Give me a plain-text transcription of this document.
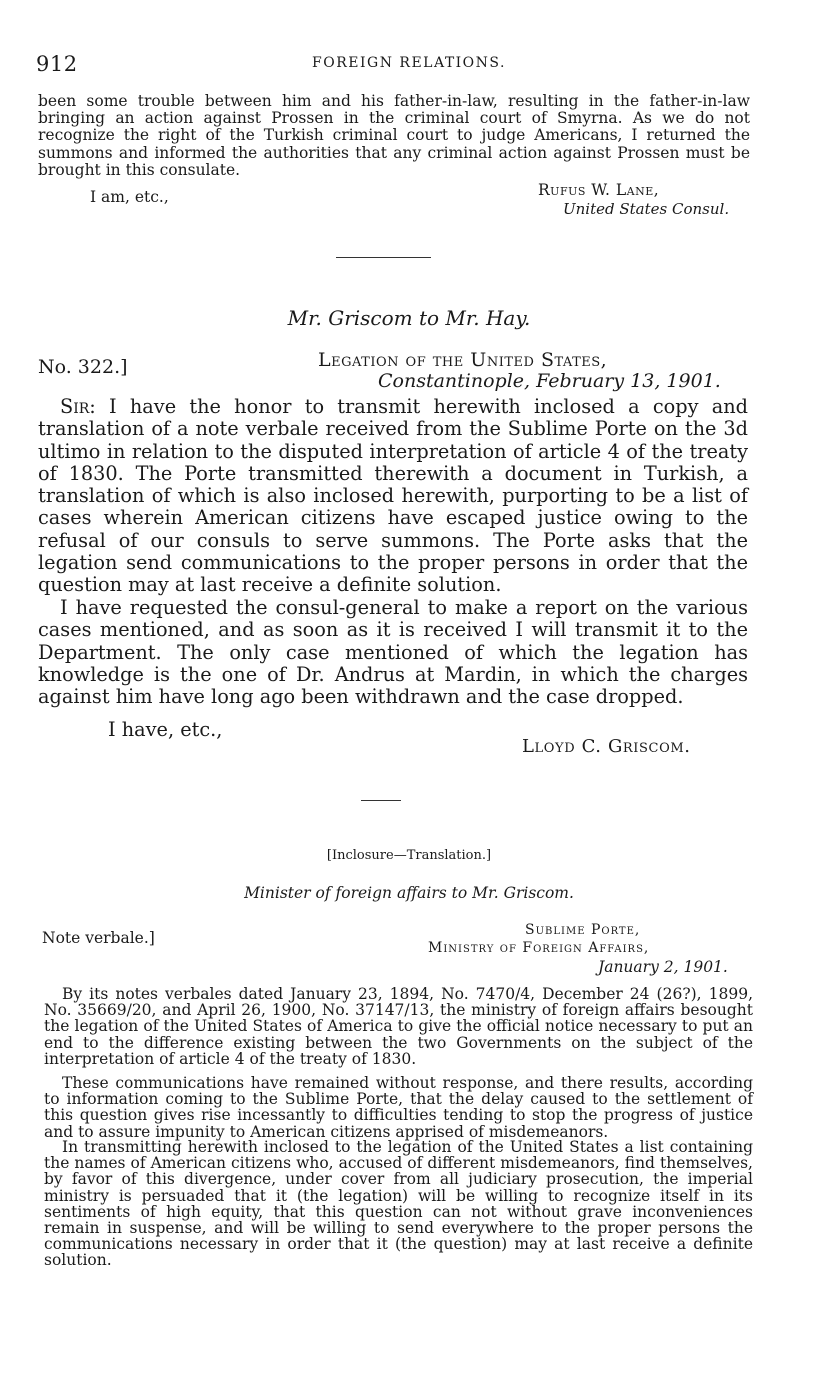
912	FOREIGN RELATIONS.
been some trouble between him and his father-in-law, resulting in the father-in-law bringing an action against Prossen in the criminal court of Smyrna. As we do not recognize the right of the Turkish criminal court to judge Americans, I returned the summons and informed the authorities that any criminal action against Prossen must be brought in this consulate.
I am, etc.,	Rufus W. Lane,
United States Consul.
Mr. Griscom to Mr. Hay.
No. 322.]	Legation of the United States,
Constantinople, February 13, 1901.
Sir: I have the honor to transmit herewith inclosed a copy and translation of a note verbale received from the Sublime Porte on the 3d ultimo in relation to the disputed interpretation of article 4 of the treaty of 1830. The Porte transmitted therewith a document in Turkish, a translation of which is also inclosed herewith, purporting to be a list of cases wherein American citizens have escaped justice owing to the refusal of our consuls to serve summons. The Porte asks that the legation send communications to the proper persons in order that the question may at last receive a definite solution.
I have requested the consul-general to make a report on the various cases mentioned, and as soon as it is received I will transmit it to the Department. The only case mentioned of which the legation has knowledge is the one of Dr. Andrus at Mardin, in which the charges against him have long ago been withdrawn and the case dropped.
I have, etc.,
Lloyd C. Griscom.
[Inclosure—Translation.]
Minister of foreign affairs to Mr. Griscom.
Note verbale.]	Sublime Porte,
Ministry of Foreign Affairs,
January 2, 1901.
By its notes verbales dated January 23, 1894, No. 7470/4, December 24 (26?), 1899, No. 35669/20, and April 26, 1900, No. 37147/13, the ministry of foreign affairs besought the legation of the United States of America to give the official notice necessary to put an end to the difference existing between the two Governments on the subject of the interpretation of article 4 of the treaty of 1830.
These communications have remained without response, and there results, according to information coming to the Sublime Porte, that the delay caused to the settlement of this question gives rise incessantly to difficulties tending to stop the progress of justice and to assure impunity to American citizens apprised of misdemeanors.
In transmitting herewith inclosed to the legation of the United States a list containing the names of American citizens who, accused of different misdemeanors, find themselves, by favor of this divergence, under cover from all judiciary prosecution, the imperial ministry is persuaded that it (the legation) will be willing to recognize itself in its sentiments of high equity, that this question can not without grave inconveniences remain in suspense, and will be willing to send everywhere to the proper persons the communications necessary in order that it (the question) may at last receive a definite solution.
